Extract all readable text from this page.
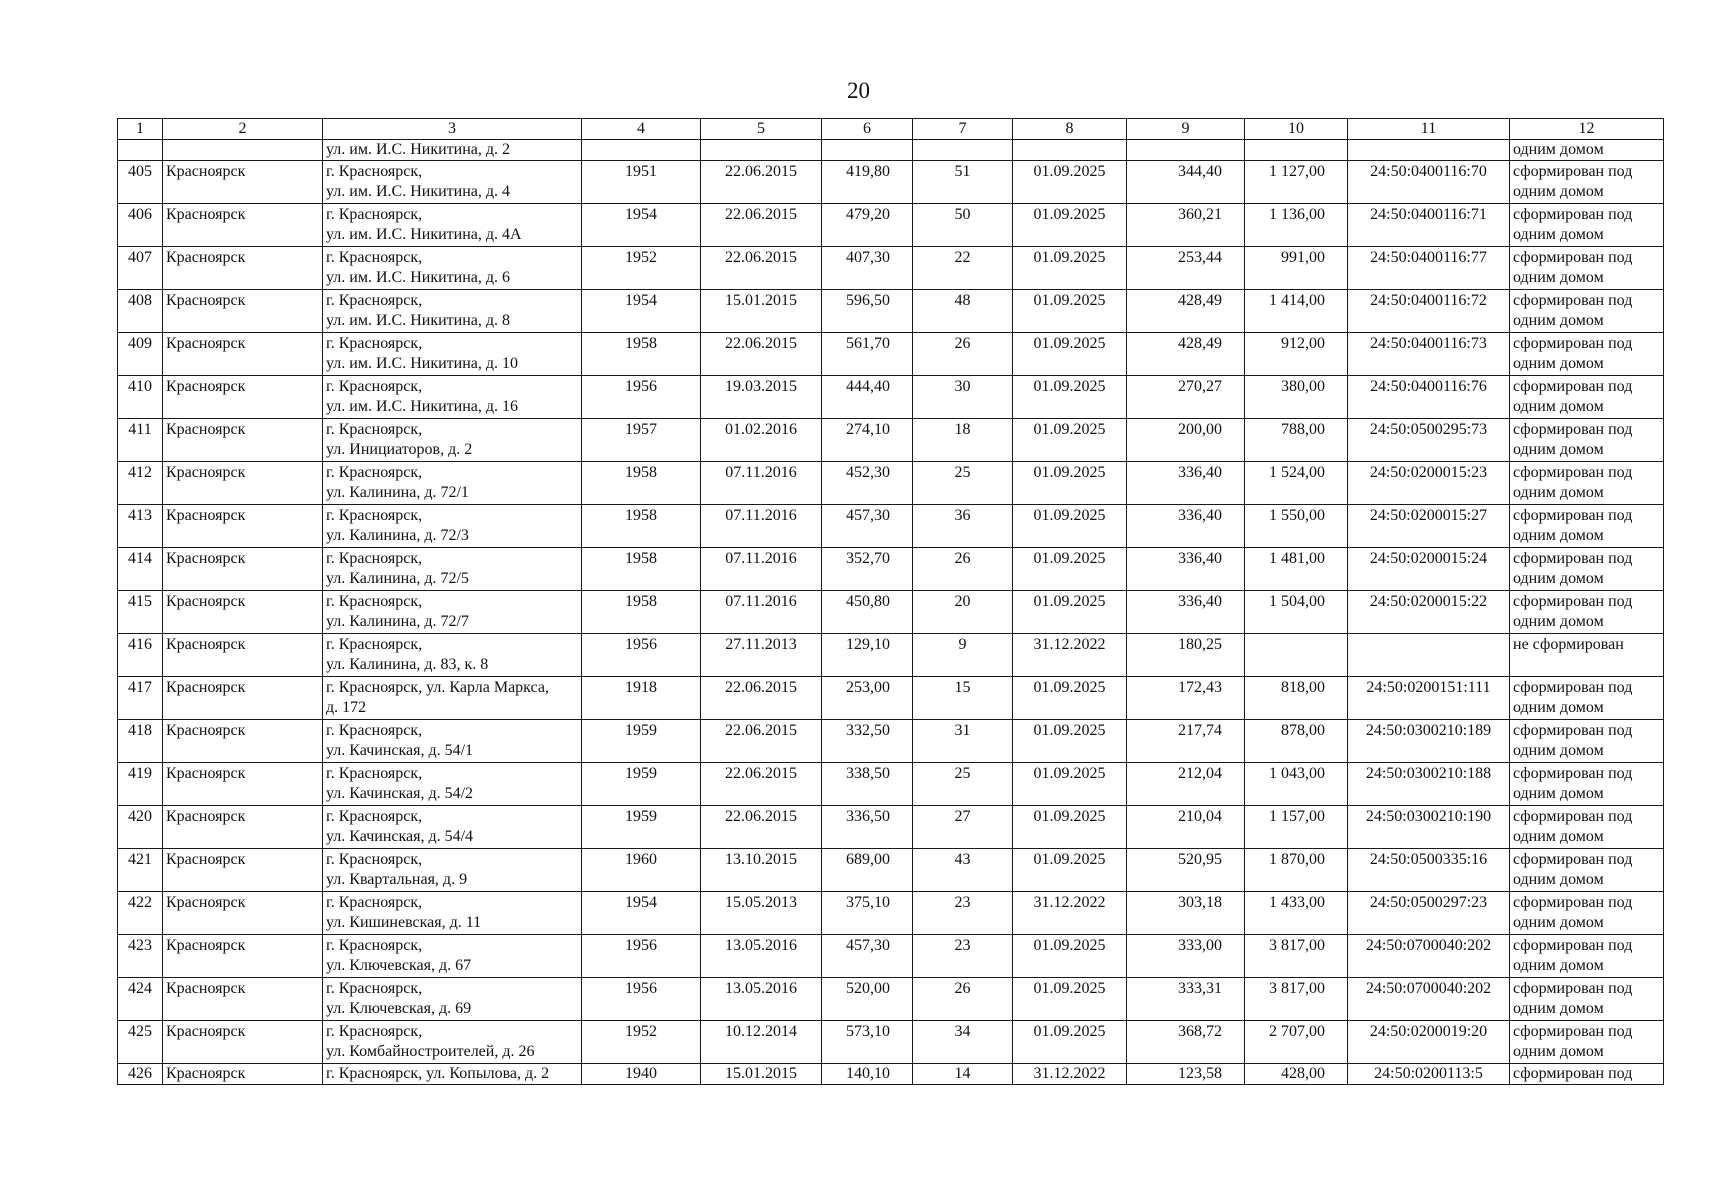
20
1	2	3	4	5	6	7	8	9	10	11	12
		ул. им. И.С. Никитина, д. 2									одним домом
405	Красноярск	г. Красноярск,
ул. им. И.С. Никитина, д. 4	1951	22.06.2015	419,80	51	01.09.2025	344,40	1 127,00	24:50:0400116:70	сформирован под
одним домом

406	Красноярск	г. Красноярск,
ул. им. И.С. Никитина, д. 4А	1954	22.06.2015	479,20	50	01.09.2025	360,21	1 136,00	24:50:0400116:71	сформирован под
одним домом

407	Красноярск	г. Красноярск,
ул. им. И.С. Никитина, д. 6	1952	22.06.2015	407,30	22	01.09.2025	253,44	991,00	24:50:0400116:77	сформирован под
одним домом

408	Красноярск	г. Красноярск,
ул. им. И.С. Никитина, д. 8	1954	15.01.2015	596,50	48	01.09.2025	428,49	1 414,00	24:50:0400116:72	сформирован под
одним домом

409	Красноярск	г. Красноярск,
ул. им. И.С. Никитина, д. 10	1958	22.06.2015	561,70	26	01.09.2025	428,49	912,00	24:50:0400116:73	сформирован под
одним домом

410	Красноярск	г. Красноярск,
ул. им. И.С. Никитина, д. 16	1956	19.03.2015	444,40	30	01.09.2025	270,27	380,00	24:50:0400116:76	сформирован под
одним домом

411	Красноярск	г. Красноярск,
ул. Инициаторов, д. 2	1957	01.02.2016	274,10	18	01.09.2025	200,00	788,00	24:50:0500295:73	сформирован под
одним домом

412	Красноярск	г. Красноярск,
ул. Калинина, д. 72/1	1958	07.11.2016	452,30	25	01.09.2025	336,40	1 524,00	24:50:0200015:23	сформирован под
одним домом

413	Красноярск	г. Красноярск,
ул. Калинина, д. 72/3	1958	07.11.2016	457,30	36	01.09.2025	336,40	1 550,00	24:50:0200015:27	сформирован под
одним домом

414	Красноярск	г. Красноярск,
ул. Калинина, д. 72/5	1958	07.11.2016	352,70	26	01.09.2025	336,40	1 481,00	24:50:0200015:24	сформирован под
одним домом

415	Красноярск	г. Красноярск,
ул. Калинина, д. 72/7	1958	07.11.2016	450,80	20	01.09.2025	336,40	1 504,00	24:50:0200015:22	сформирован под
одним домом

416	Красноярск	г. Красноярск,
ул. Калинина, д. 83, к. 8	1956	27.11.2013	129,10	9	31.12.2022	180,25			не сформирован

417	Красноярск	г. Красноярск, ул. Карла Маркса,
д. 172	1918	22.06.2015	253,00	15	01.09.2025	172,43	818,00	24:50:0200151:111	сформирован под
одним домом

418	Красноярск	г. Красноярск,
ул. Качинская, д. 54/1	1959	22.06.2015	332,50	31	01.09.2025	217,74	878,00	24:50:0300210:189	сформирован под
одним домом

419	Красноярск	г. Красноярск,
ул. Качинская, д. 54/2	1959	22.06.2015	338,50	25	01.09.2025	212,04	1 043,00	24:50:0300210:188	сформирован под
одним домом

420	Красноярск	г. Красноярск,
ул. Качинская, д. 54/4	1959	22.06.2015	336,50	27	01.09.2025	210,04	1 157,00	24:50:0300210:190	сформирован под
одним домом

421	Красноярск	г. Красноярск,
ул. Квартальная, д. 9	1960	13.10.2015	689,00	43	01.09.2025	520,95	1 870,00	24:50:0500335:16	сформирован под
одним домом

422	Красноярск	г. Красноярск,
ул. Кишиневская, д. 11	1954	15.05.2013	375,10	23	31.12.2022	303,18	1 433,00	24:50:0500297:23	сформирован под
одним домом

423	Красноярск	г. Красноярск,
ул. Ключевская, д. 67	1956	13.05.2016	457,30	23	01.09.2025	333,00	3 817,00	24:50:0700040:202	сформирован под
одним домом

424	Красноярск	г. Красноярск,
ул. Ключевская, д. 69	1956	13.05.2016	520,00	26	01.09.2025	333,31	3 817,00	24:50:0700040:202	сформирован под
одним домом

425	Красноярск	г. Красноярск,
ул. Комбайностроителей, д. 26	1952	10.12.2014	573,10	34	01.09.2025	368,72	2 707,00	24:50:0200019:20	сформирован под
одним домом

426	Красноярск	г. Красноярск, ул. Копылова, д. 2	1940	15.01.2015	140,10	14	31.12.2022	123,58	428,00	24:50:0200113:5	сформирован под
